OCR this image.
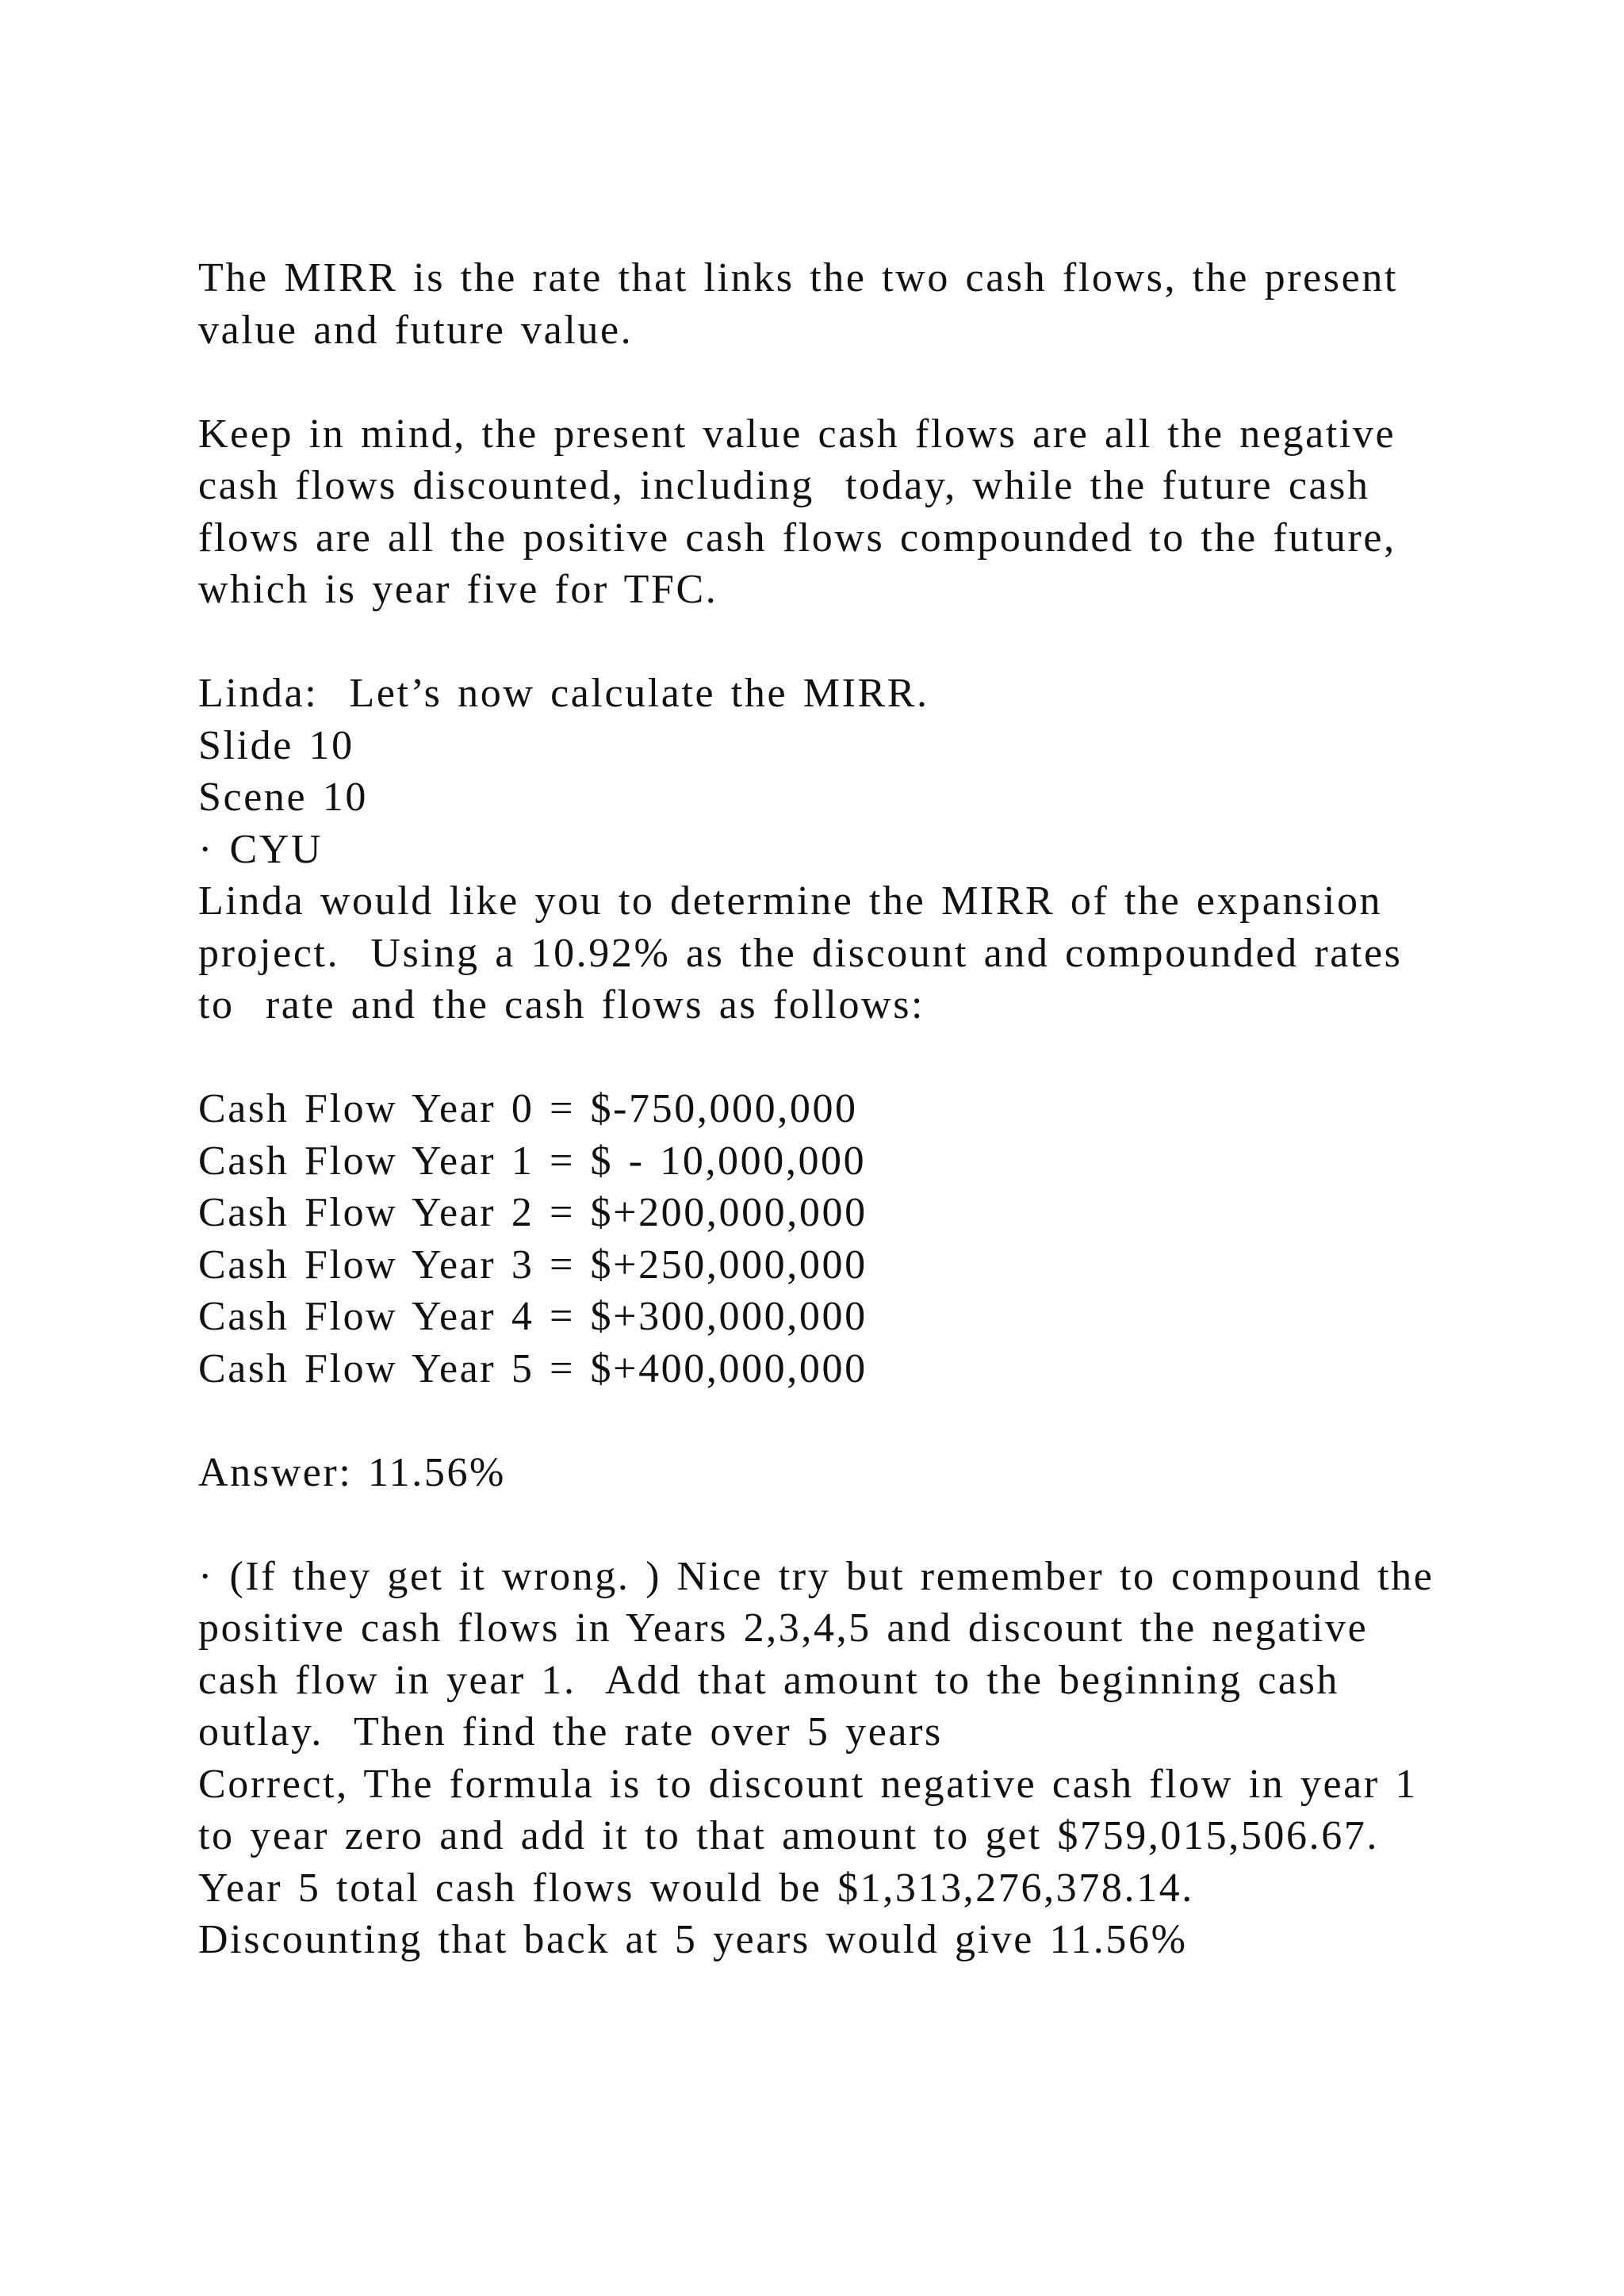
The MIRR is the rate that links the two cash flows, the present
value and future value.
Keep in mind, the present value cash flows are all the negative
cash flows discounted, including  today, while the future cash
flows are all the positive cash flows compounded to the future,
which is year five for TFC.
Linda:  Let’s now calculate the MIRR.
Slide 10
Scene 10
· CYU
Linda would like you to determine the MIRR of the expansion
project.  Using a 10.92% as the discount and compounded rates
to  rate and the cash flows as follows:
Cash Flow Year 0 = $-750,000,000
Cash Flow Year 1 = $ - 10,000,000
Cash Flow Year 2 = $+200,000,000
Cash Flow Year 3 = $+250,000,000
Cash Flow Year 4 = $+300,000,000
Cash Flow Year 5 = $+400,000,000
Answer: 11.56%
· (If they get it wrong. ) Nice try but remember to compound the
positive cash flows in Years 2,3,4,5 and discount the negative
cash flow in year 1.  Add that amount to the beginning cash
outlay.  Then find the rate over 5 years
Correct, The formula is to discount negative cash flow in year 1
to year zero and add it to that amount to get $759,015,506.67.
Year 5 total cash flows would be $1,313,276,378.14.
Discounting that back at 5 years would give 11.56%
